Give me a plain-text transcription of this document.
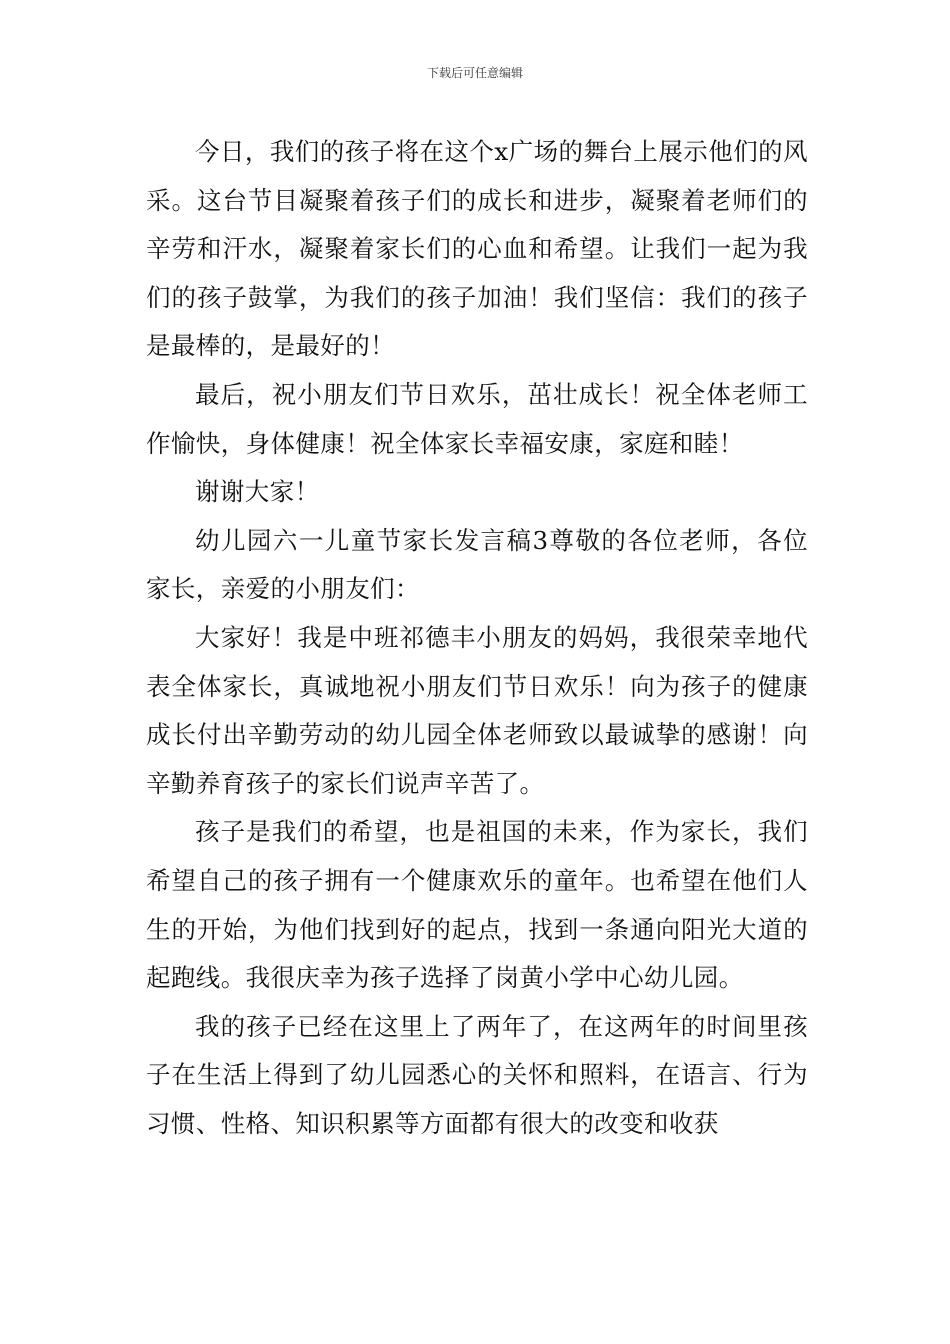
下载后可任意编辑

今日，我们的孩子将在这个x广场的舞台上展示他们的风采。这台节目凝聚着孩子们的成长和进步，凝聚着老师们的辛劳和汗水，凝聚着家长们的心血和希望。让我们一起为我们的孩子鼓掌，为我们的孩子加油！我们坚信：我们的孩子是最棒的，是最好的！

最后，祝小朋友们节日欢乐，茁壮成长！祝全体老师工作愉快，身体健康！祝全体家长幸福安康，家庭和睦！

谢谢大家！

幼儿园六一儿童节家长发言稿3尊敬的各位老师，各位家长，亲爱的小朋友们：

大家好！我是中班祁德丰小朋友的妈妈，我很荣幸地代表全体家长，真诚地祝小朋友们节日欢乐！向为孩子的健康成长付出辛勤劳动的幼儿园全体老师致以最诚挚的感谢！向辛勤养育孩子的家长们说声辛苦了。

孩子是我们的希望，也是祖国的未来，作为家长，我们希望自己的孩子拥有一个健康欢乐的童年。也希望在他们人生的开始，为他们找到好的起点，找到一条通向阳光大道的起跑线。我很庆幸为孩子选择了岗黄小学中心幼儿园。

我的孩子已经在这里上了两年了，在这两年的时间里孩子在生活上得到了幼儿园悉心的关怀和照料，在语言、行为习惯、性格、知识积累等方面都有很大的改变和收获
